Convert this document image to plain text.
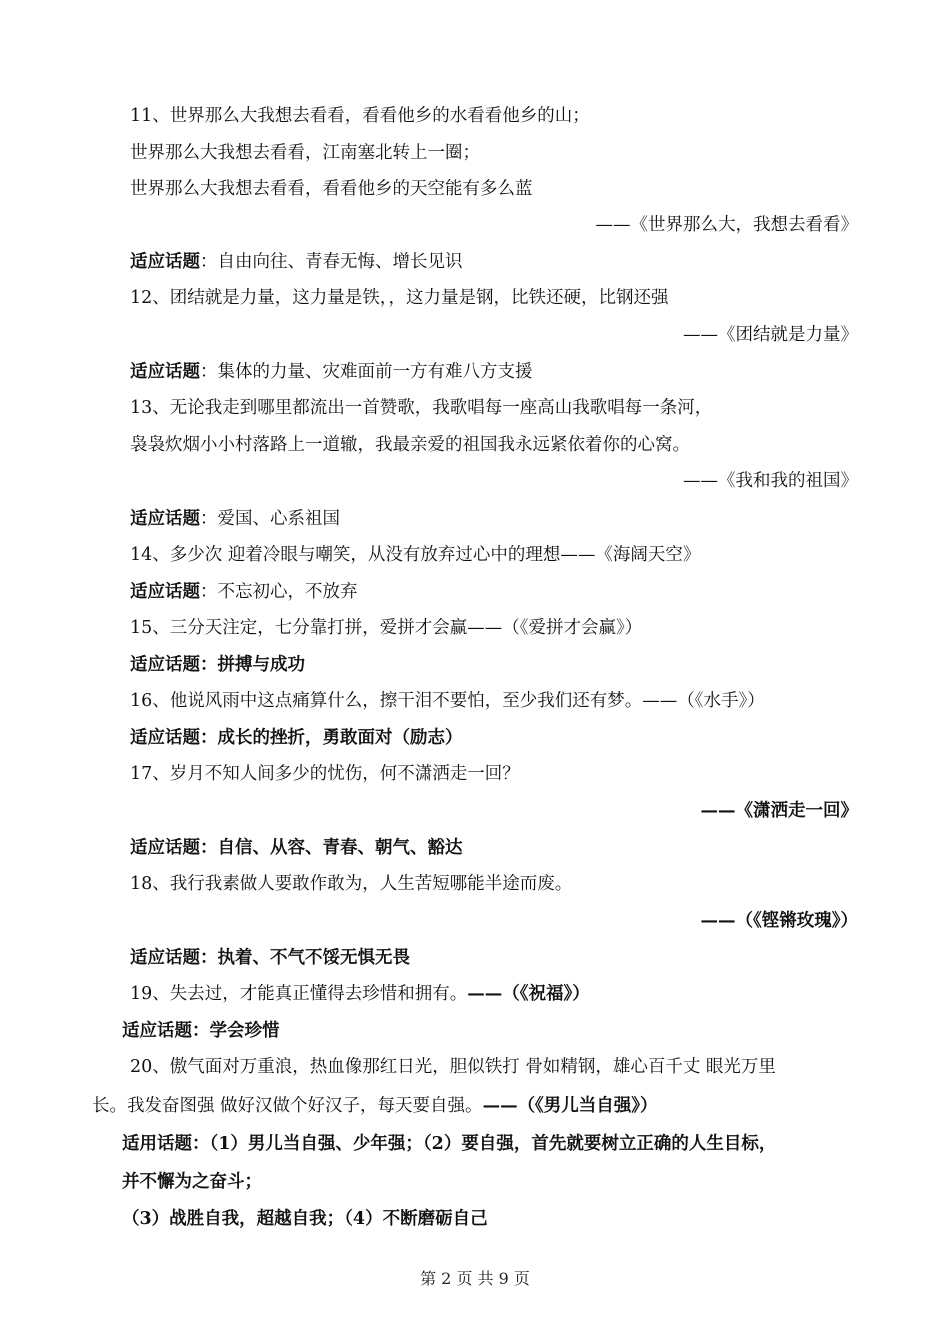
11、世界那么大我想去看看，看看他乡的水看看他乡的山；
世界那么大我想去看看，江南塞北转上一圈；
世界那么大我想去看看，看看他乡的天空能有多么蓝
——《世界那么大，我想去看看》
适应话题：自由向往、青春无悔、增长见识
12、团结就是力量，这力量是铁，，这力量是钢，比铁还硬，比钢还强
——《团结就是力量》
适应话题：集体的力量、灾难面前一方有难八方支援
13、无论我走到哪里都流出一首赞歌，我歌唱每一座高山我歌唱每一条河，
袅袅炊烟小小村落路上一道辙，我最亲爱的祖国我永远紧依着你的心窝。
——《我和我的祖国》
适应话题：爱国、心系祖国
14、多少次 迎着冷眼与嘲笑，从没有放弃过心中的理想——《海阔天空》
适应话题：不忘初心，不放弃
15、三分天注定，七分靠打拼，爱拼才会赢——（《爱拼才会赢》）
适应话题：拼搏与成功
16、他说风雨中这点痛算什么，擦干泪不要怕，至少我们还有梦。——（《水手》）
适应话题：成长的挫折，勇敢面对（励志）
17、岁月不知人间多少的忧伤，何不潇洒走一回？
——《潇洒走一回》
适应话题：自信、从容、青春、朝气、豁达
18、我行我素做人要敢作敢为，人生苦短哪能半途而废。
——（《铿锵玫瑰》）
适应话题：执着、不气不馁无惧无畏
19、失去过，才能真正懂得去珍惜和拥有。——（《祝福》）
适应话题：学会珍惜
20、傲气面对万重浪，热血像那红日光，胆似铁打 骨如精钢，雄心百千丈 眼光万里
长。我发奋图强 做好汉做个好汉子，每天要自强。——（《男儿当自强》）
适用话题：（1）男儿当自强、少年强；（2）要自强，首先就要树立正确的人生目标，
并不懈为之奋斗；
（3）战胜自我，超越自我；（4）不断磨砺自己
第 2 页 共 9 页
